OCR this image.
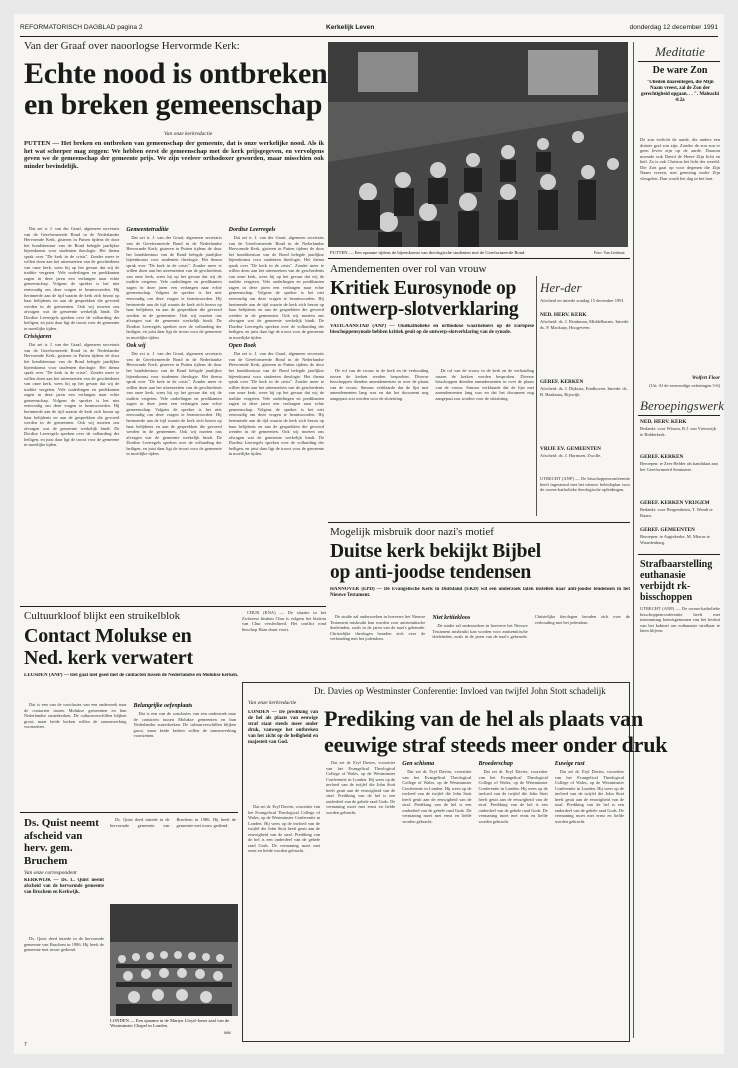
REFORMATORISCH DAGBLAD pagina 2	Kerkelijk Leven	donderdag 12 december 1991
Van der Graaf over naoorlogse Hervormde Kerk:
Echte nood is ontbreken
en breken gemeenschap
Van onze kerkredactie
PUTTEN — Het breken en ontbreken van gemeenschap der gemeente, dat is onze werkelijke nood. Als ik het wat scherper mag zeggen: We hebben eerst de gemeenschap met de kerk prijsgegeven, en vervolgens geven we de gemeenschap der gemeente prijs. We zijn veeleer orthodoxer geworden, maar misschien ook minder bevindelijk.

Dat zei ir. J. van der Graaf, algemeen secretaris van de Gereformeerde Bond in de Nederlandse Hervormde Kerk, gisteren in Putten tijdens de door het bondsbestuur van de Bond belegde jaarlijkse bijeenkomst voor studenten theologie. Het thema sprak over "De kerk in de crisis". Zonder meer te willen doen aan het uiteenzetten van de geschiedenis van onze kerk, wees hij op het gevaar dat wij de traditie vergeten. Vele ouderlingen en predikanten zagen in deze jaren een verlangen naar echte gemeenschap. Volgens de spreker is het niet eenvoudig om deze vragen te beantwoorden. Hij herinnerde aan de tijd waarin de kerk zich bezon op haar belijdenis en aan de gesprekken die gevoerd werden in de gemeenten. Ook wij moeten ons afvragen wat de gemeente werkelijk bindt. De Dordtse Leerregels spreken over de volharding der heiligen, en juist daar ligt de troost voor de gemeente in moeilijke tijden.

Crisisjaren

Dat zei ir. J. van der Graaf, algemeen secretaris van de Gereformeerde Bond in de Nederlandse Hervormde Kerk, gisteren in Putten tijdens de door het bondsbestuur van de Bond belegde jaarlijkse bijeenkomst voor studenten theologie. Het thema sprak over "De kerk in de crisis". Zonder meer te willen doen aan het uiteenzetten van de geschiedenis van onze kerk, wees hij op het gevaar dat wij de traditie vergeten. Vele ouderlingen en predikanten zagen in deze jaren een verlangen naar echte gemeenschap. Volgens de spreker is het niet eenvoudig om deze vragen te beantwoorden. Hij herinnerde aan de tijd waarin de kerk zich bezon op haar belijdenis en aan de gesprekken die gevoerd werden in de gemeenten. Ook wij moeten ons afvragen wat de gemeente werkelijk bindt. De Dordtse Leerregels spreken over de volharding der heiligen, en juist daar ligt de troost voor de gemeente in moeilijke tijden.

Gemeentetraditie

Dat zei ir. J. van der Graaf, algemeen secretaris van de Gereformeerde Bond in de Nederlandse Hervormde Kerk, gisteren in Putten tijdens de door het bondsbestuur van de Bond belegde jaarlijkse bijeenkomst voor studenten theologie. Het thema sprak over "De kerk in de crisis". Zonder meer te willen doen aan het uiteenzetten van de geschiedenis van onze kerk, wees hij op het gevaar dat wij de traditie vergeten. Vele ouderlingen en predikanten zagen in deze jaren een verlangen naar echte gemeenschap. Volgens de spreker is het niet eenvoudig om deze vragen te beantwoorden. Hij herinnerde aan de tijd waarin de kerk zich bezon op haar belijdenis en aan de gesprekken die gevoerd werden in de gemeenten. Ook wij moeten ons afvragen wat de gemeente werkelijk bindt. De Dordtse Leerregels spreken over de volharding der heiligen, en juist daar ligt de troost voor de gemeente in moeilijke tijden.

Ook wij

Dat zei ir. J. van der Graaf, algemeen secretaris van de Gereformeerde Bond in de Nederlandse Hervormde Kerk, gisteren in Putten tijdens de door het bondsbestuur van de Bond belegde jaarlijkse bijeenkomst voor studenten theologie. Het thema sprak over "De kerk in de crisis". Zonder meer te willen doen aan het uiteenzetten van de geschiedenis van onze kerk, wees hij op het gevaar dat wij de traditie vergeten. Vele ouderlingen en predikanten zagen in deze jaren een verlangen naar echte gemeenschap. Volgens de spreker is het niet eenvoudig om deze vragen te beantwoorden. Hij herinnerde aan de tijd waarin de kerk zich bezon op haar belijdenis en aan de gesprekken die gevoerd werden in de gemeenten. Ook wij moeten ons afvragen wat de gemeente werkelijk bindt. De Dordtse Leerregels spreken over de volharding der heiligen, en juist daar ligt de troost voor de gemeente in moeilijke tijden.

Dordtse Leerregels

Dat zei ir. J. van der Graaf, algemeen secretaris van de Gereformeerde Bond in de Nederlandse Hervormde Kerk, gisteren in Putten tijdens de door het bondsbestuur van de Bond belegde jaarlijkse bijeenkomst voor studenten theologie. Het thema sprak over "De kerk in de crisis". Zonder meer te willen doen aan het uiteenzetten van de geschiedenis van onze kerk, wees hij op het gevaar dat wij de traditie vergeten. Vele ouderlingen en predikanten zagen in deze jaren een verlangen naar echte gemeenschap. Volgens de spreker is het niet eenvoudig om deze vragen te beantwoorden. Hij herinnerde aan de tijd waarin de kerk zich bezon op haar belijdenis en aan de gesprekken die gevoerd werden in de gemeenten. Ook wij moeten ons afvragen wat de gemeente werkelijk bindt. De Dordtse Leerregels spreken over de volharding der heiligen, en juist daar ligt de troost voor de gemeente in moeilijke tijden.

Open Boek

Dat zei ir. J. van der Graaf, algemeen secretaris van de Gereformeerde Bond in de Nederlandse Hervormde Kerk, gisteren in Putten tijdens de door het bondsbestuur van de Bond belegde jaarlijkse bijeenkomst voor studenten theologie. Het thema sprak over "De kerk in de crisis". Zonder meer te willen doen aan het uiteenzetten van de geschiedenis van onze kerk, wees hij op het gevaar dat wij de traditie vergeten. Vele ouderlingen en predikanten zagen in deze jaren een verlangen naar echte gemeenschap. Volgens de spreker is het niet eenvoudig om deze vragen te beantwoorden. Hij herinnerde aan de tijd waarin de kerk zich bezon op haar belijdenis en aan de gesprekken die gevoerd werden in de gemeenten. Ook wij moeten ons afvragen wat de gemeente werkelijk bindt. De Dordtse Leerregels spreken over de volharding der heiligen, en juist daar ligt de troost voor de gemeente in moeilijke tijden.

PUTTEN — Een opname tijdens de bijeenkomst van theologische studenten met de Gereformeerde Bond.	Foto: Van Lieshout
Meditatie
De ware Zon
"Ulieden daarentegen, die Mijn Naam vreest, zal de Zon der gerechtigheid opgaan. . . ". Maleachi 4:2a
De zon verlicht de aarde, die anders een duister graf zou zijn. Zonder de zon zou er geen leven zijn op de aarde. Daarom noemde ook David de Heere Zijn licht en heil. Zo is ook Christus het licht der wereld. Die Zon gaat op voor degenen die Zijn Naam vrezen, met genezing onder Zijn vleugelen. Dan wordt het dag in het hart.
Wolfert Floor
(Uit: Al de eenvoudige oefeningen 5-6)
Beroepingswerk
NED. HERV. KERK
Bedankt: voor Wissen, B.J. van Vreeswijk te Ridderkerk.
GEREF. KERKEN
Beroepen: te Zeer Helder als kandidaat aan het Gereformeerd Seminarie.
GEREF. KERKEN VRIJGEM
Bedankt: voor Bergentheim, T. Wendt te Baarn.
GEREF. GEMEENTEN
Beroepen: te Aagtekerke, M. Mieras te Waardenburg.
Strafbaarstelling euthanasie verbijdt rk-bisschoppen
UTRECHT (ANP) — De rooms-katholieke bisschoppenconferentie heeft met instemming kennisgenomen van het besluit van het kabinet om euthanasie strafbaar te laten blijven.
Amendementen over rol van vrouw
Kritiek Eurosynode op
ontwerp-slotverklaring
VATICAANSTAD (ANP) — Oudkatholieke en orthodoxe waarnemers op de Europese bisschoppensynode hebben kritiek geuit op de ontwerp-slotverklaring van de synode.

De rol van de vrouw in de kerk en de verhouding tussen de kerken werden besproken. Diverse bisschoppen dienden amendementen in over de plaats van de vrouw. Simons verklaarde dat de lijst met amendementen lang was en dat het document nog aangepast zou worden voor de slotzitting.

De rol van de vrouw in de kerk en de verhouding tussen de kerken werden besproken. Diverse bisschoppen dienden amendementen in over de plaats van de vrouw. Simons verklaarde dat de lijst met amendementen lang was en dat het document nog aangepast zou worden voor de slotzitting.

Her-der
Afscheid en intrede zondag 15 december 1991
NED. HERV. KERK
Afscheid: ds. J. Brinkman, Middelharnis. Intrede: ds. P. Mackaay, Hoogeveen.
GEREF. KERKEN
Afscheid: ds. J. Dijkstra, Eindhoven. Intrede: ds. B. Haaksma, Rijswijk.
VRIJE EV. GEMEENTEN
Afscheid: ds. J. Harmsen, Zwolle.
UTRECHT (ANP) — De bisschoppenconferentie heeft ingestemd met het nieuwe beleidsplan voor de rooms-katholieke theologische opleidingen.
Mogelijk misbruik door nazi's motief
Duitse kerk bekijkt Bijbel
op anti-joodse tendensen
HANNOVER (EPD) — De Evangelische Kerk in Duitsland (EKD) wil een onderzoek laten instellen naar anti-joodse tendensen in het Nieuwe Testament.

De studie zal onderzoeken in hoeverre het Nieuwe Testament misbruikt kan worden voor antisemitische doeleinden, zoals in de jaren van de nazi's gebeurde. Christelijke theologen beraden zich over de verhouding met het jodendom.

Niet kritiekloos

De studie zal onderzoeken in hoeverre het Nieuwe Testament misbruikt kan worden voor antisemitische doeleinden, zoals in de jaren van de nazi's gebeurde. Christelijke theologen beraden zich over de verhouding met het jodendom.

Cultuurkloof blijkt een struikelblok
Contact Molukse en
Ned. kerk verwatert
LEUSDEN (ANP) — Het gaat niet goed met de contacten tussen de Nederlandse en Molukse kerken.

Dat is een van de conclusies van een onderzoek naar de contacten tussen Molukse gemeenten en hun Nederlandse zusterkerken. De cultuurverschillen blijken groot, maar beide kerken willen de samenwerking voortzetten.

Belangrijke oefenplaats

Dat is een van de conclusies van een onderzoek naar de contacten tussen Molukse gemeenten en hun Nederlandse zusterkerken. De cultuurverschillen blijken groot, maar beide kerken willen de samenwerking voortzetten.

CHUR (KNA) — De situatie in het Zwitserse bisdom Chur is volgens het bisdom van Chur verslechterd. Het conflict rond bisschop Haas duurt voort.

Dr. Davies op Westminster Conferentie: Invloed van twijfel John Stott schadelijk
Van onze kerkredactie
LONDEN — De prediking van de hel als plaats van eeuwige straf staat steeds meer onder druk, vanwege het ontbreken van het zicht op de heiligheid en majesteit van God.
Prediking van de hel als plaats van
eeuwige straf steeds meer onder druk

Dat zei dr. Eryl Davies, voorzitter van het Evangelical Theological College of Wales, op de Westminster Conferentie in Londen. Hij wees op de invloed van de twijfel die John Stott heeft geuit aan de eeuwigheid van de straf. Prediking van de hel is een onderdeel van de gehele raad Gods. De vermaning moet met ernst en liefde worden gebracht.

Dat zei dr. Eryl Davies, voorzitter van het Evangelical Theological College of Wales, op de Westminster Conferentie in Londen. Hij wees op de invloed van de twijfel die John Stott heeft geuit aan de eeuwigheid van de straf. Prediking van de hel is een onderdeel van de gehele raad Gods. De vermaning moet met ernst en liefde worden gebracht.

Gen schisma

Dat zei dr. Eryl Davies, voorzitter van het Evangelical Theological College of Wales, op de Westminster Conferentie in Londen. Hij wees op de invloed van de twijfel die John Stott heeft geuit aan de eeuwigheid van de straf. Prediking van de hel is een onderdeel van de gehele raad Gods. De vermaning moet met ernst en liefde worden gebracht.

Broederschap

Dat zei dr. Eryl Davies, voorzitter van het Evangelical Theological College of Wales, op de Westminster Conferentie in Londen. Hij wees op de invloed van de twijfel die John Stott heeft geuit aan de eeuwigheid van de straf. Prediking van de hel is een onderdeel van de gehele raad Gods. De vermaning moet met ernst en liefde worden gebracht.

Euwige rust

Dat zei dr. Eryl Davies, voorzitter van het Evangelical Theological College of Wales, op de Westminster Conferentie in Londen. Hij wees op de invloed van de twijfel die John Stott heeft geuit aan de eeuwigheid van de straf. Prediking van de hel is een onderdeel van de gehele raad Gods. De vermaning moet met ernst en liefde worden gebracht.

Ds. Quist neemt afscheid van herv. gem. Bruchem
Van onze correspondent
KERKWIJK — Ds. L. Quist neemt afscheid van de hervormde gemeente van Bruchem en Kerkwijk.

Ds. Quist deed intrede in de hervormde gemeente van Bruchem in 1986. Hij heeft de gemeente met trouw gediend.

Ds. Quist deed intrede in de hervormde gemeente van Bruchem in 1986. Hij heeft de gemeente met trouw gediend.

LONDEN — Een opname in de Martyn Lloyd-Jones zaal van de Westminster Chapel in Londen.
7
NW
